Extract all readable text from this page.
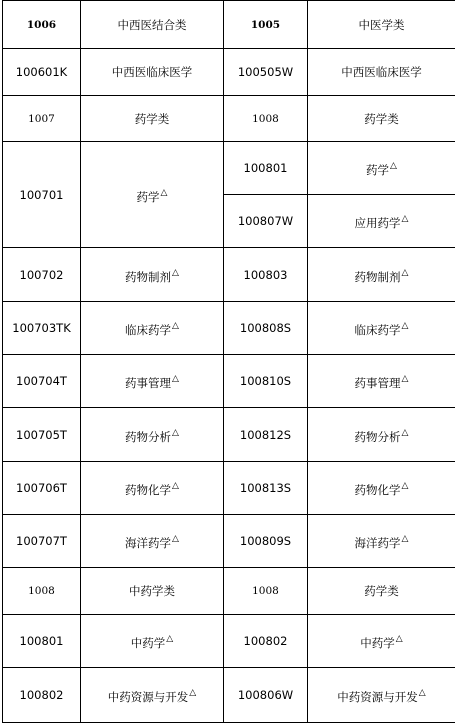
1006	中西医结合类	1005	中医学类
100601K	中西医临床医学	100505W	中西医临床医学
1007	药学类	1008	药学类
100701	药学△	100801	药学△
		100807W	应用药学△
100702	药物制剂△	100803	药物制剂△
100703TK	临床药学△	100808S	临床药学△
100704T	药事管理△	100810S	药事管理△
100705T	药物分析△	100812S	药物分析△
100706T	药物化学△	100813S	药物化学△
100707T	海洋药学△	100809S	海洋药学△
1008	中药学类	1008	药学类
100801	中药学△	100802	中药学△
100802	中药资源与开发△	100806W	中药资源与开发△
